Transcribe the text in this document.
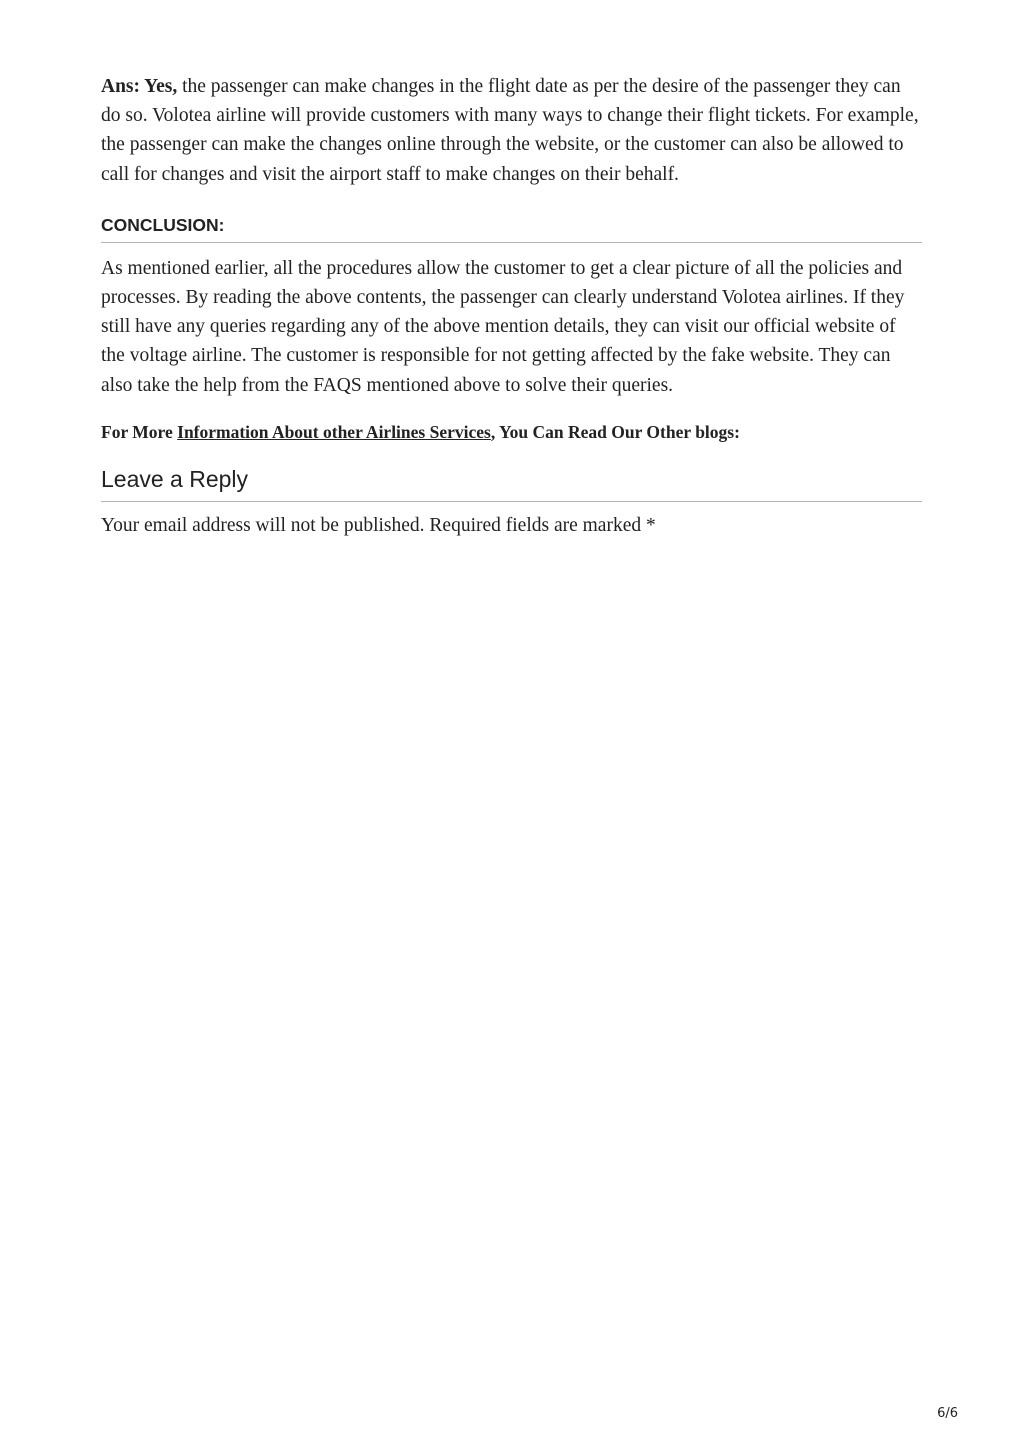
Ans: Yes, the passenger can make changes in the flight date as per the desire of the passenger they can do so. Volotea airline will provide customers with many ways to change their flight tickets. For example, the passenger can make the changes online through the website, or the customer can also be allowed to call for changes and visit the airport staff to make changes on their behalf.

CONCLUSION:

As mentioned earlier, all the procedures allow the customer to get a clear picture of all the policies and processes. By reading the above contents, the passenger can clearly understand Volotea airlines. If they still have any queries regarding any of the above mention details, they can visit our official website of the voltage airline. The customer is responsible for not getting affected by the fake website. They can also take the help from the FAQS mentioned above to solve their queries.

For More Information About other Airlines Services, You Can Read Our Other blogs:

Leave a Reply

Your email address will not be published. Required fields are marked *

6/6
